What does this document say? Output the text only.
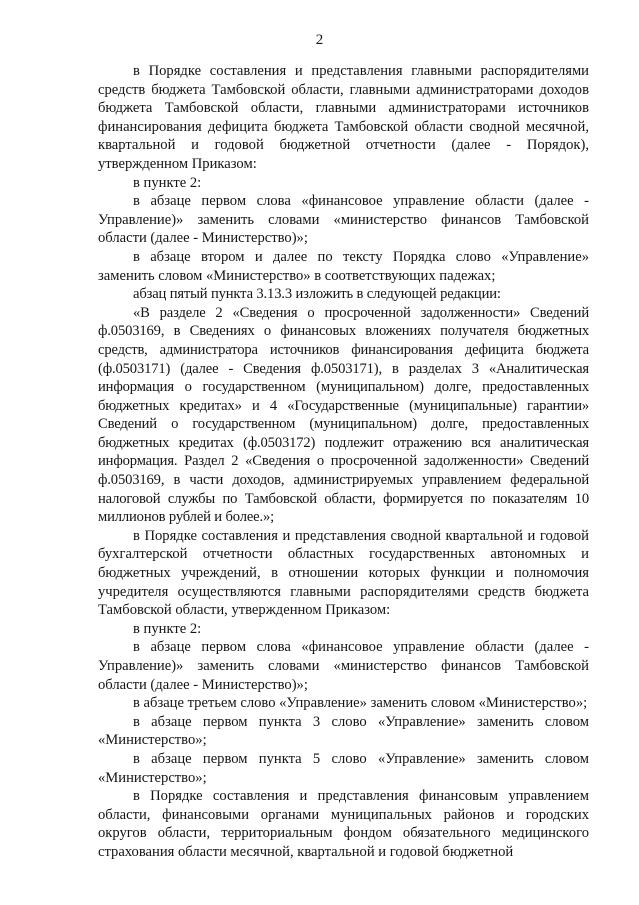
2

в Порядке составления и представления главными распорядителями средств бюджета Тамбовской области, главными администраторами доходов бюджета Тамбовской области, главными администраторами источников финансирования дефицита бюджета Тамбовской области сводной месячной, квартальной и годовой бюджетной отчетности (далее - Порядок), утвержденном Приказом:

в пункте 2:

в абзаце первом слова «финансовое управление области (далее - Управление)» заменить словами «министерство финансов Тамбовской области (далее - Министерство)»;

в абзаце втором и далее по тексту Порядка слово «Управление» заменить словом «Министерство» в соответствующих падежах;

абзац пятый пункта 3.13.3 изложить в следующей редакции:

«В разделе 2 «Сведения о просроченной задолженности» Сведений ф.0503169, в Сведениях о финансовых вложениях получателя бюджетных средств, администратора источников финансирования дефицита бюджета (ф.0503171) (далее - Сведения ф.0503171), в разделах 3 «Аналитическая информация о государственном (муниципальном) долге, предоставленных бюджетных кредитах» и 4 «Государственные (муниципальные) гарантии» Сведений о государственном (муниципальном) долге, предоставленных бюджетных кредитах (ф.0503172) подлежит отражению вся аналитическая информация. Раздел 2 «Сведения о просроченной задолженности» Сведений ф.0503169, в части доходов, администрируемых управлением федеральной налоговой службы по Тамбовской области, формируется по показателям 10 миллионов рублей и более.»;

в Порядке составления и представления сводной квартальной и годовой бухгалтерской отчетности областных государственных автономных и бюджетных учреждений, в отношении которых функции и полномочия учредителя осуществляются главными распорядителями средств бюджета Тамбовской области, утвержденном Приказом:

в пункте 2:

в абзаце первом слова «финансовое управление области (далее - Управление)» заменить словами «министерство финансов Тамбовской области (далее - Министерство)»;

в абзаце третьем слово «Управление» заменить словом «Министерство»;

в абзаце первом пункта 3 слово «Управление» заменить словом «Министерство»;

в абзаце первом пункта 5 слово «Управление» заменить словом «Министерство»;

в Порядке составления и представления финансовым управлением области, финансовыми органами муниципальных районов и городских округов области, территориальным фондом обязательного медицинского страхования области месячной, квартальной и годовой бюджетной
